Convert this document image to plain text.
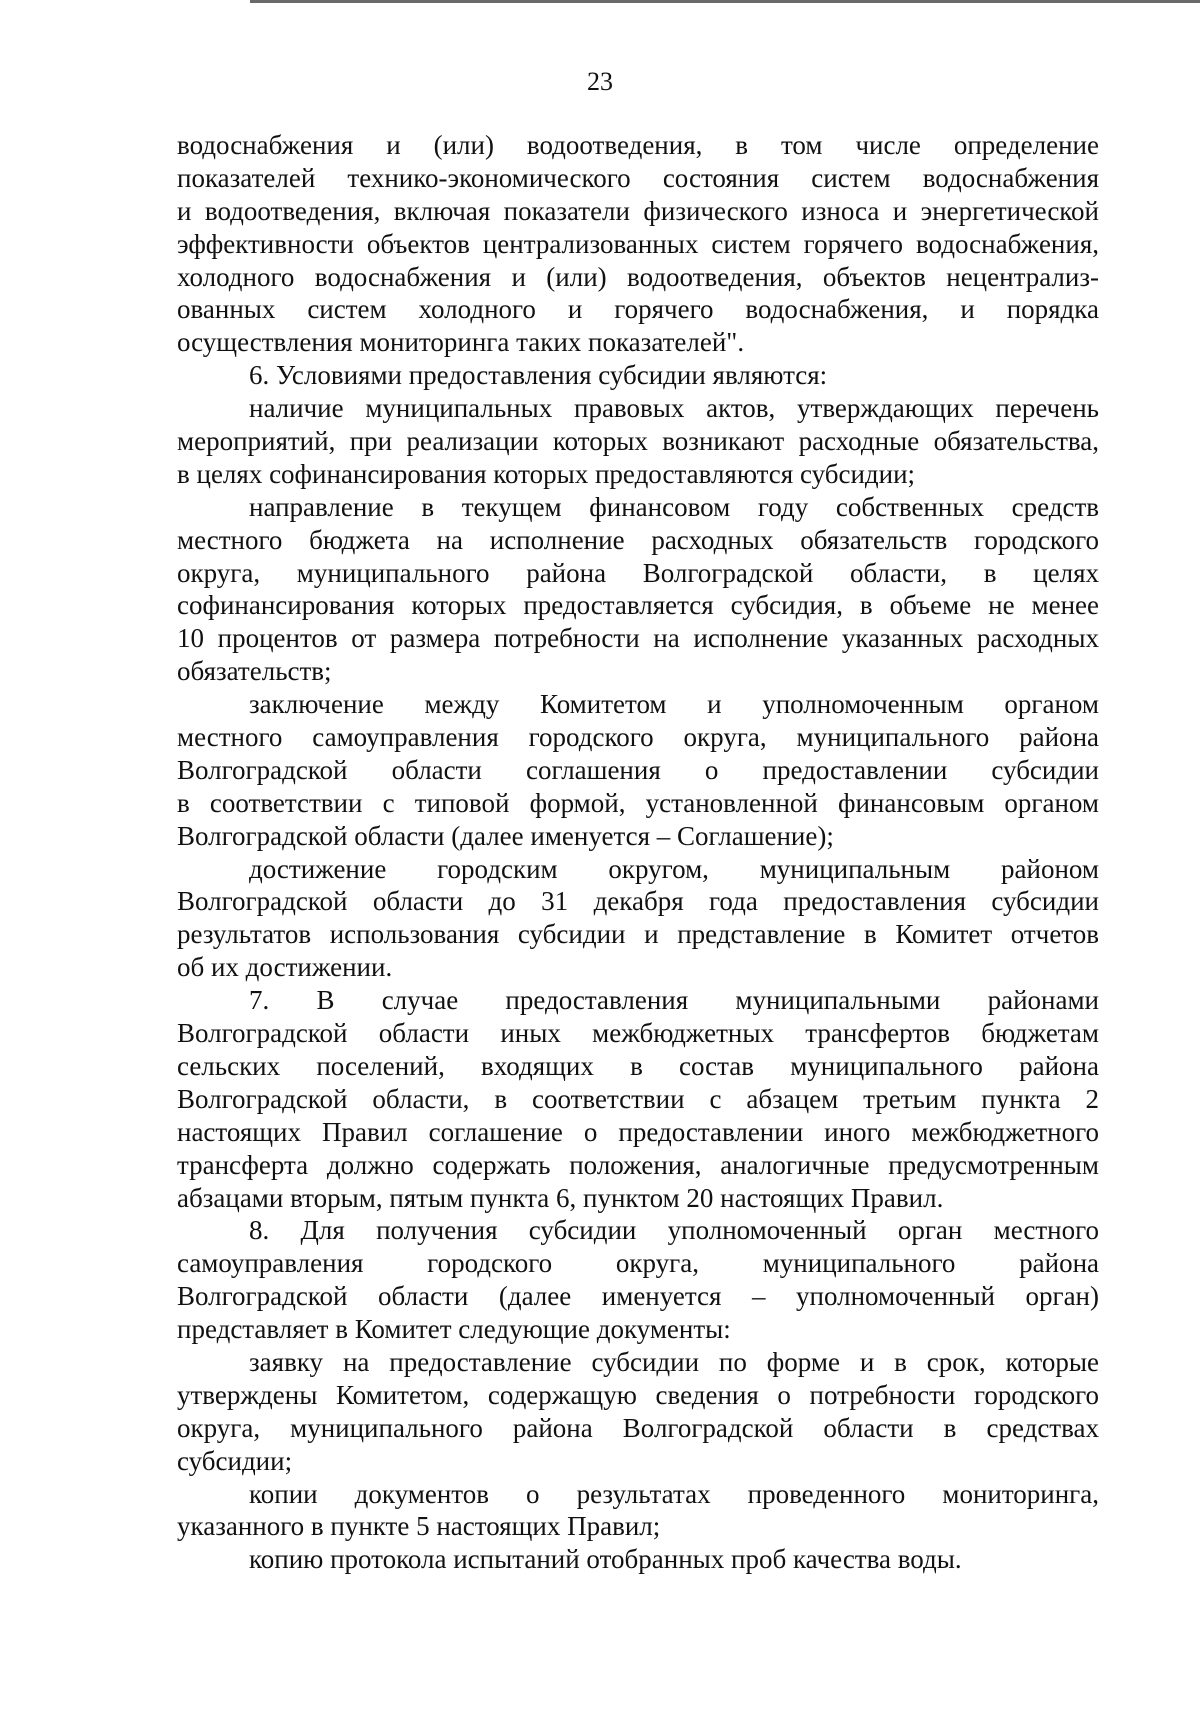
23
водоснабжения и (или) водоотведения, в том числе определение
показателей технико-экономического состояния систем водоснабжения
и водоотведения, включая показатели физического износа и энергетической
эффективности объектов централизованных систем горячего водоснабжения,
холодного водоснабжения и (или) водоотведения, объектов нецентрализ-
ованных систем холодного и горячего водоснабжения, и порядка
осуществления мониторинга таких показателей".
6. Условиями предоставления субсидии являются:
наличие муниципальных правовых актов, утверждающих перечень
мероприятий, при реализации которых возникают расходные обязательства,
в целях софинансирования которых предоставляются субсидии;
направление в текущем финансовом году собственных средств
местного бюджета на исполнение расходных обязательств городского
округа, муниципального района Волгоградской области, в целях
софинансирования которых предоставляется субсидия, в объеме не менее
10 процентов от размера потребности на исполнение указанных расходных
обязательств;
заключение между Комитетом и уполномоченным органом
местного самоуправления городского округа, муниципального района
Волгоградской области соглашения о предоставлении субсидии
в соответствии с типовой формой, установленной финансовым органом
Волгоградской области (далее именуется – Соглашение);
достижение городским округом, муниципальным районом
Волгоградской области до 31 декабря года предоставления субсидии
результатов использования субсидии и представление в Комитет отчетов
об их достижении.
7. В случае предоставления муниципальными районами
Волгоградской области иных межбюджетных трансфертов бюджетам
сельских поселений, входящих в состав муниципального района
Волгоградской области, в соответствии с абзацем третьим пункта 2
настоящих Правил соглашение о предоставлении иного межбюджетного
трансферта должно содержать положения, аналогичные предусмотренным
абзацами вторым, пятым пункта 6, пунктом 20 настоящих Правил.
8. Для получения субсидии уполномоченный орган местного
самоуправления городского округа, муниципального района
Волгоградской области (далее именуется – уполномоченный орган)
представляет в Комитет следующие документы:
заявку на предоставление субсидии по форме и в срок, которые
утверждены Комитетом, содержащую сведения о потребности городского
округа, муниципального района Волгоградской области в средствах
субсидии;
копии документов о результатах проведенного мониторинга,
указанного в пункте 5 настоящих Правил;
копию протокола испытаний отобранных проб качества воды.
